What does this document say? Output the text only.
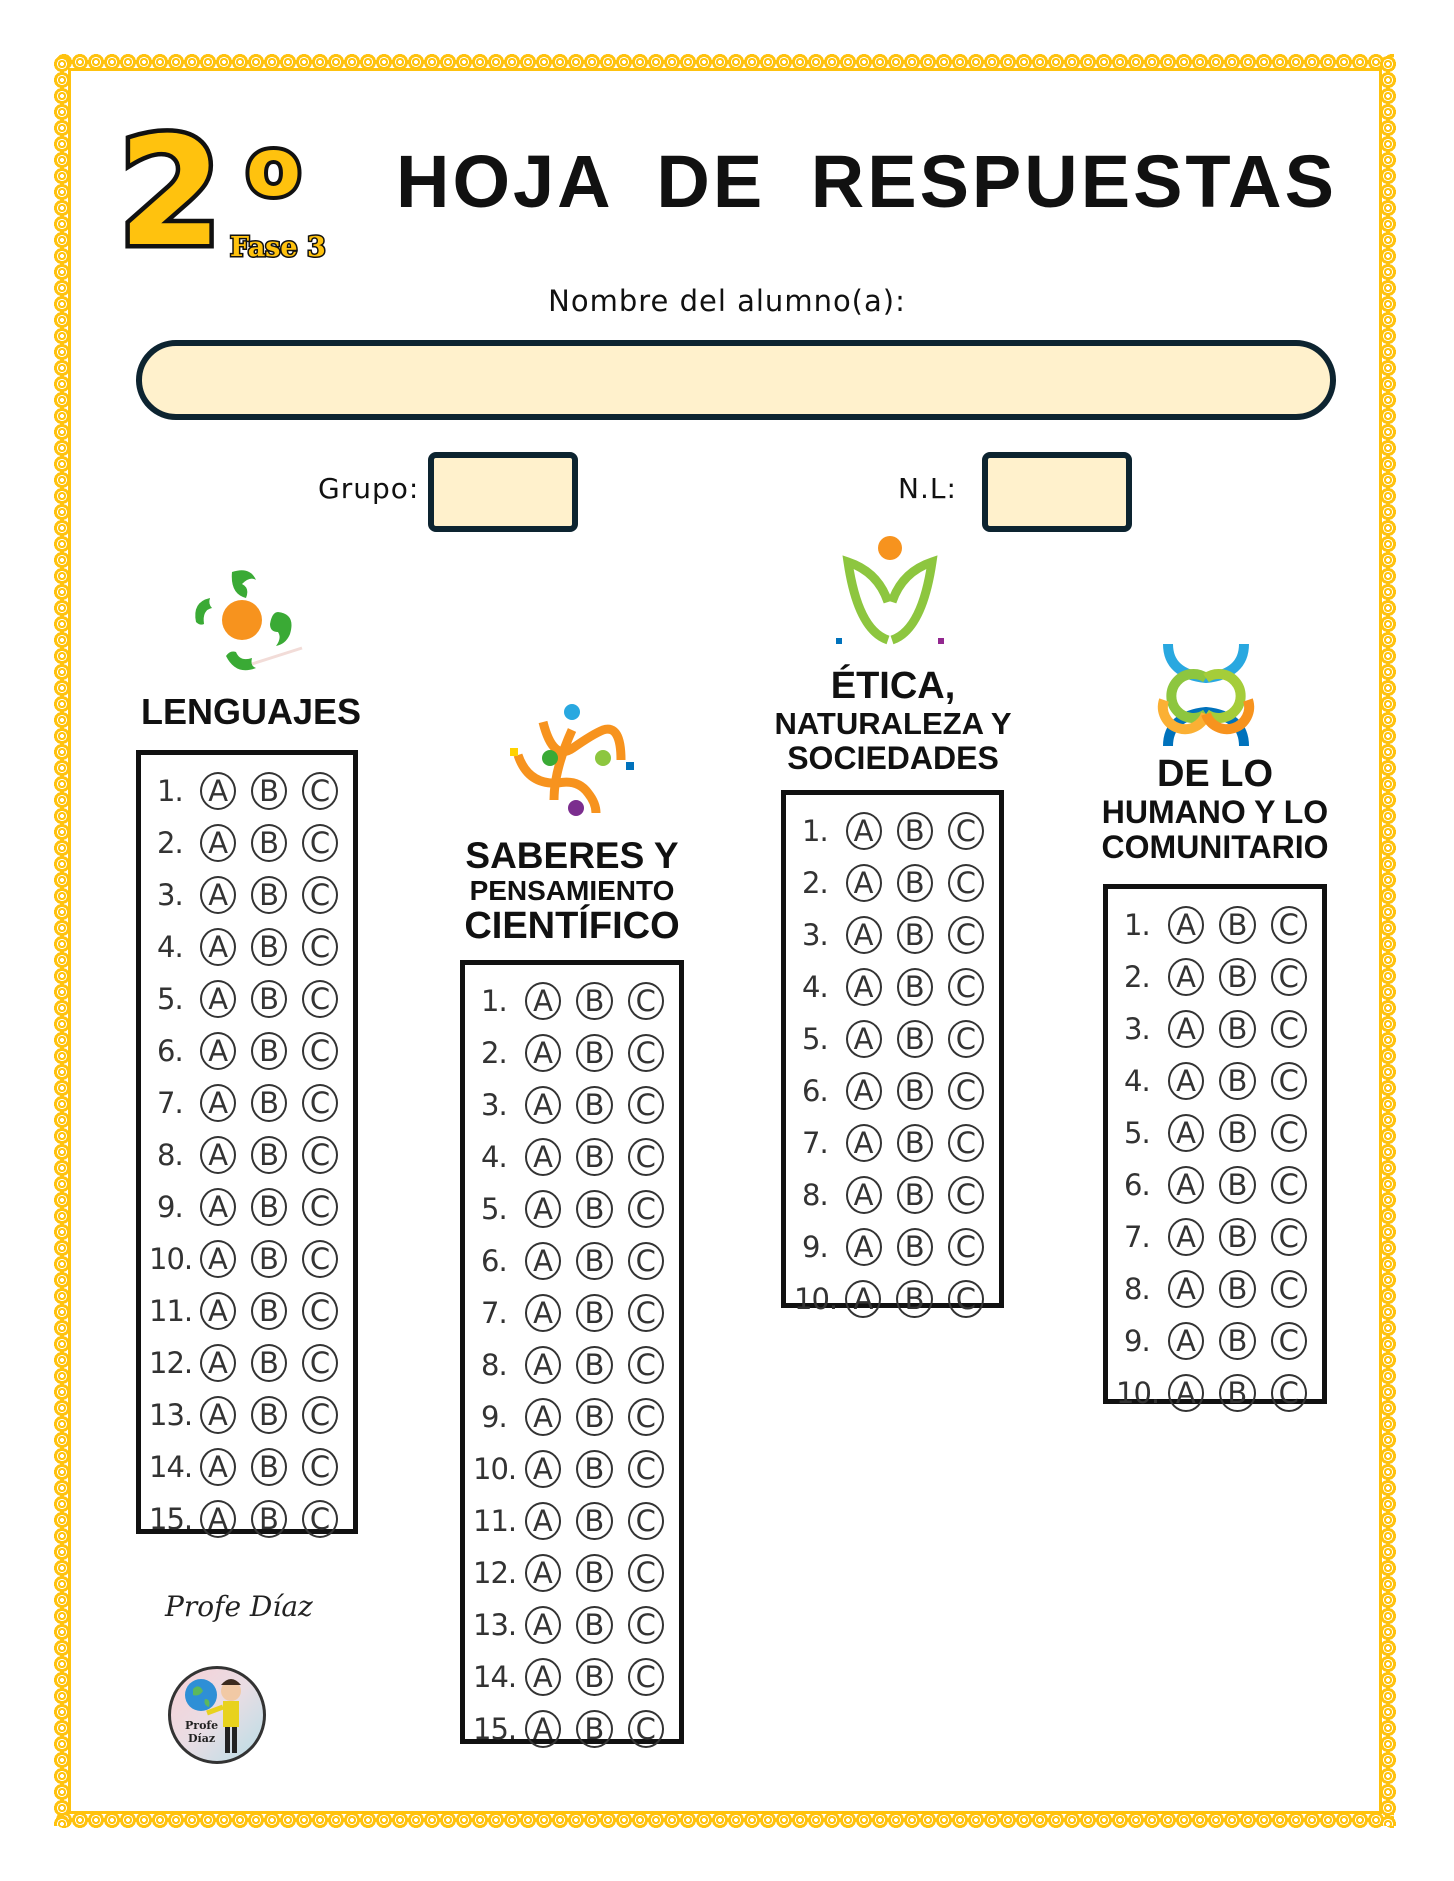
2 o
Fase 3
HOJA DE RESPUESTAS
Nombre del alumno(a):
Grupo:	N.L:
LENGUAJES
1. A B C
2. A B C
3. A B C
4. A B C
5. A B C
6. A B C
7. A B C
8. A B C
9. A B C
10. A B C
11. A B C
12. A B C
13. A B C
14. A B C
15. A B C
SABERES Y
PENSAMIENTO
CIENTÍFICO
1. A B C
2. A B C
3. A B C
4. A B C
5. A B C
6. A B C
7. A B C
8. A B C
9. A B C
10. A B C
11. A B C
12. A B C
13. A B C
14. A B C
15. A B C
ÉTICA,
NATURALEZA Y
SOCIEDADES
1. A B C
2. A B C
3. A B C
4. A B C
5. A B C
6. A B C
7. A B C
8. A B C
9. A B C
10. A B C
DE LO
HUMANO Y LO
COMUNITARIO
1. A B C
2. A B C
3. A B C
4. A B C
5. A B C
6. A B C
7. A B C
8. A B C
9. A B C
10. A B C
Profe Díaz
Profe
Díaz
